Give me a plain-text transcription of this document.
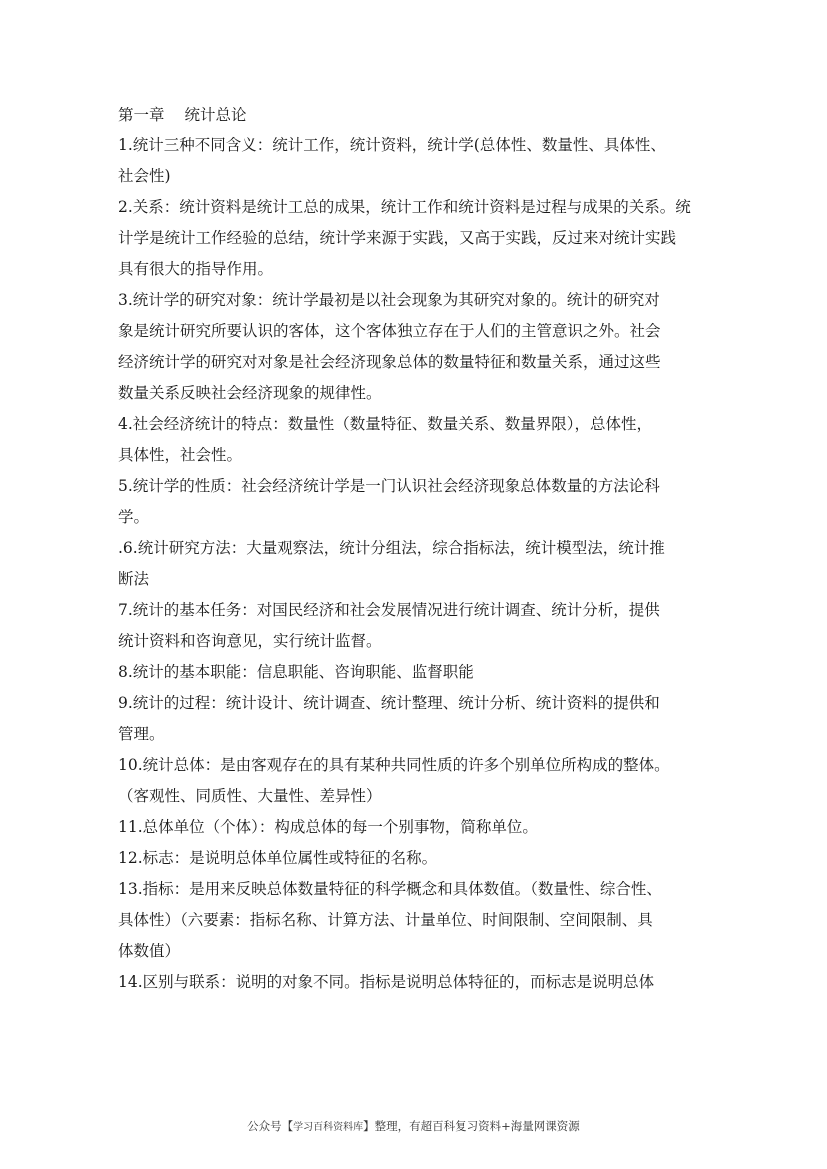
第一章 统计总论

1.统计三种不同含义：统计工作，统计资料，统计学(总体性、数量性、具体性、
社会性)

2.关系：统计资料是统计工总的成果，统计工作和统计资料是过程与成果的关系。统
计学是统计工作经验的总结，统计学来源于实践，又高于实践，反过来对统计实践
具有很大的指导作用。

3.统计学的研究对象：统计学最初是以社会现象为其研究对象的。统计的研究对
象是统计研究所要认识的客体，这个客体独立存在于人们的主管意识之外。社会
经济统计学的研究对对象是社会经济现象总体的数量特征和数量关系，通过这些
数量关系反映社会经济现象的规律性。

4.社会经济统计的特点：数量性（数量特征、数量关系、数量界限），总体性，
具体性，社会性。

5.统计学的性质：社会经济统计学是一门认识社会经济现象总体数量的方法论科
学。

.6.统计研究方法：大量观察法，统计分组法，综合指标法，统计模型法，统计推
断法

7.统计的基本任务：对国民经济和社会发展情况进行统计调查、统计分析，提供
统计资料和咨询意见，实行统计监督。

8.统计的基本职能：信息职能、咨询职能、监督职能

9.统计的过程：统计设计、统计调查、统计整理、统计分析、统计资料的提供和
管理。

10.统计总体：是由客观存在的具有某种共同性质的许多个别单位所构成的整体。
（客观性、同质性、大量性、差异性）

11.总体单位（个体）：构成总体的每一个别事物，简称单位。

12.标志：是说明总体单位属性或特征的名称。

13.指标：是用来反映总体数量特征的科学概念和具体数值。（数量性、综合性、
具体性）（六要素：指标名称、计算方法、计量单位、时间限制、空间限制、具
体数值）

14.区别与联系：说明的对象不同。指标是说明总体特征的，而标志是说明总体

公众号【学习百科资料库】整理，有超百科复习资料+海量网课资源
